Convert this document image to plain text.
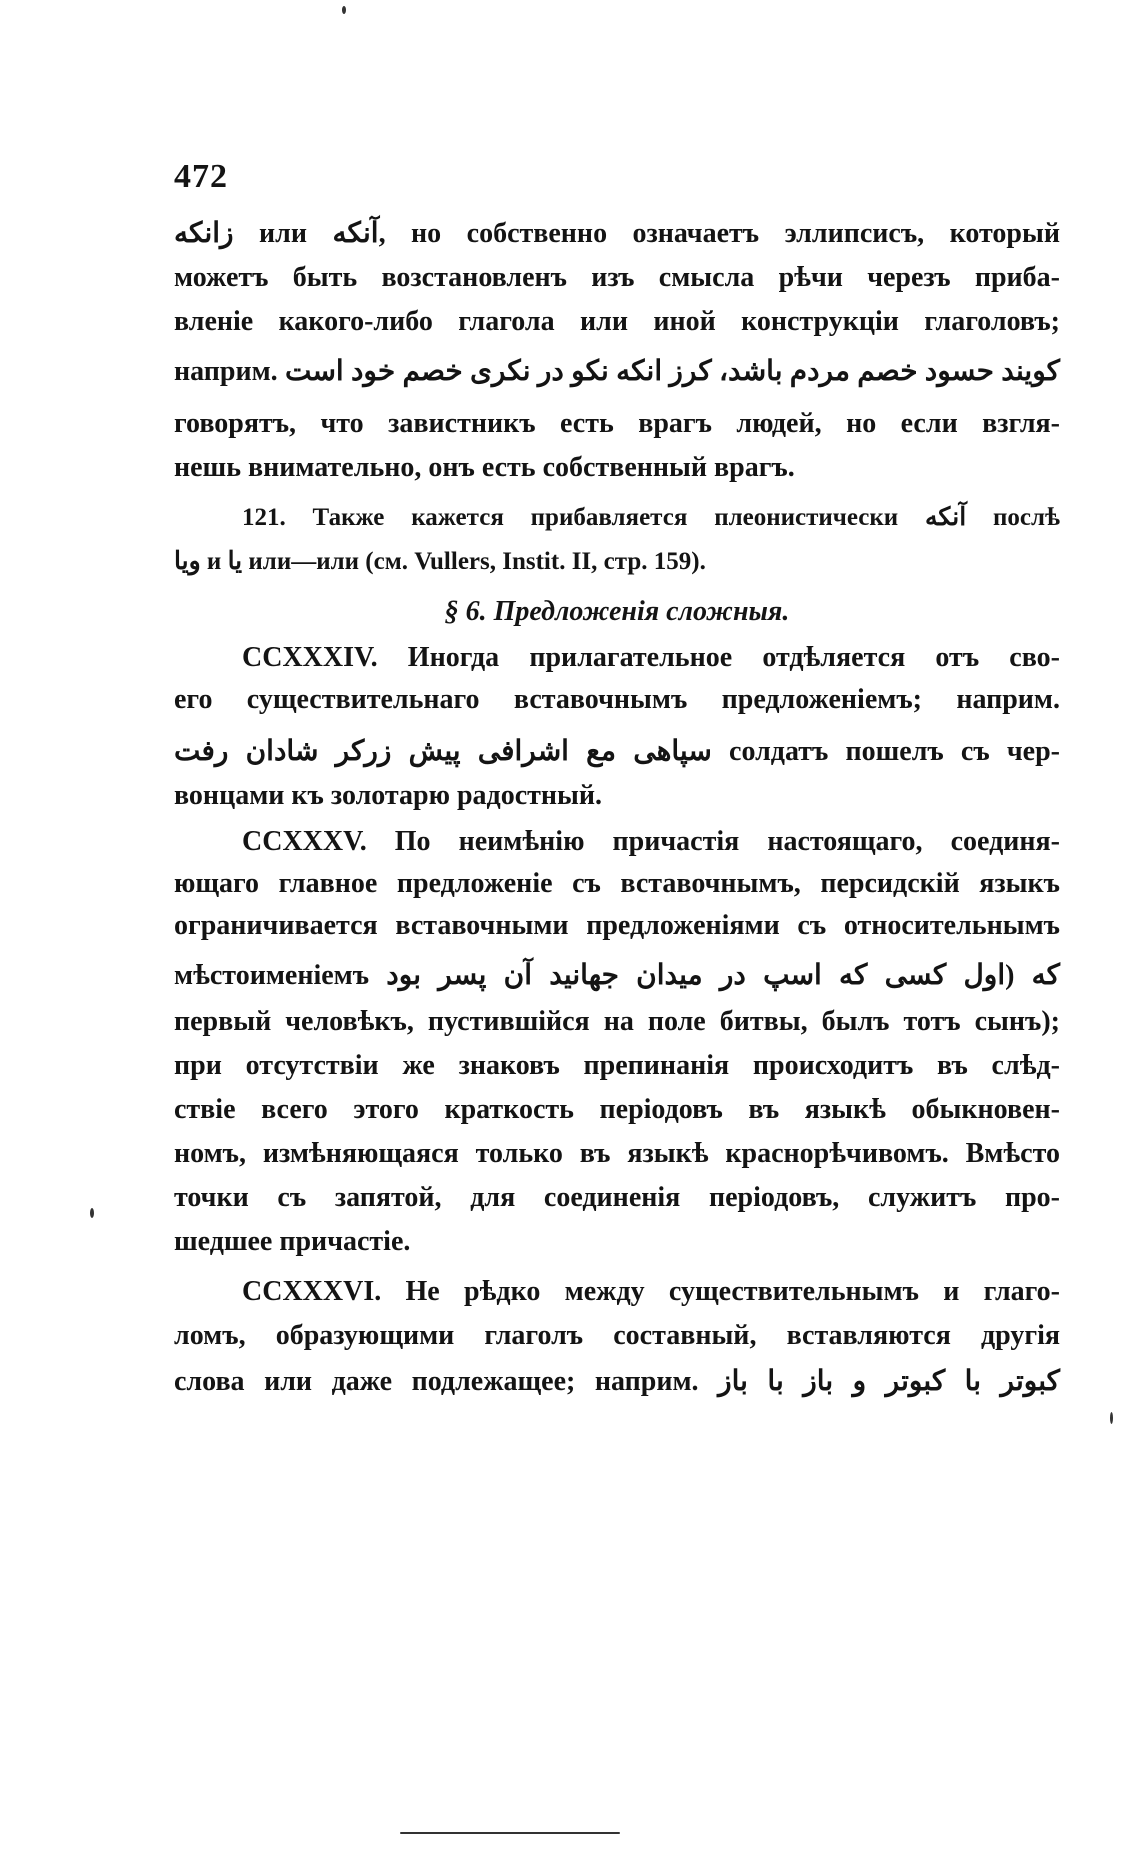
472
زانكه или آنكه, но собственно означаетъ эллипсисъ, который
можетъ быть возстановленъ изъ смысла рѣчи черезъ приба-
вленіе какого-либо глагола или иной конструкціи глаголовъ;
наприм. كويند حسود خصم مردم باشد، كرز انكه نكو در نكرى خصم خود است
говорятъ, что завистникъ есть врагъ людей, но если взгля-
нешь внимательно, онъ есть собственный врагъ.
121. Также кажется прибавляется плеонистически آنكه послѣ
ويا и يا или—или (см. Vullers, Instit. II, стр. 159).
§ 6. Предложенія сложныя.
CCXXXIV. Иногда прилагательное отдѣляется отъ сво-
его существительнаго вставочнымъ предложеніемъ; наприм.
سپاهی مع اشرافی پیش زرکر شادان رفت солдатъ пошелъ съ чер-
вонцами къ золотарю радостный.
CCXXXV. По неимѣнію причастія настоящаго, соединя-
ющаго главное предложеніе съ вставочнымъ, персидскій языкъ
ограничивается вставочными предложеніями съ относительнымъ
мѣстоименіемъ كه (اول كسى كه اسپ در ميدان جهانيد آن پسر بود
первый человѣкъ, пустившійся на поле битвы, былъ тотъ сынъ);
при отсутствіи же знаковъ препинанія происходитъ въ слѣд-
ствіе всего этого краткость періодовъ въ языкѣ обыкновен-
номъ, измѣняющаяся только въ языкѣ краснорѣчивомъ. Вмѣсто
точки съ запятой, для соединенія періодовъ, служитъ про-
шедшее причастіе.
CCXXXVI. Не рѣдко между существительнымъ и глаго-
ломъ, образующими глаголъ составный, вставляются другія
слова или даже подлежащее; наприм. كبوتر با كبوتر و باز با باز
